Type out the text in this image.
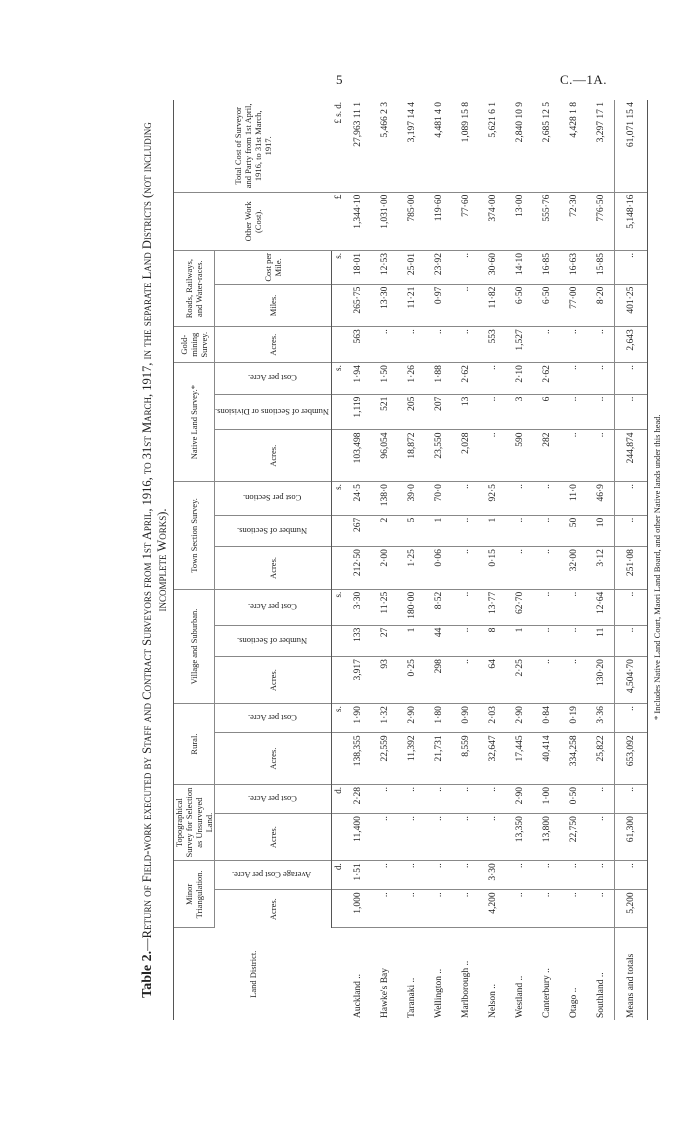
5	C.—1A.

Table 2.—Return of Field-work executed by Staff and Contract Surveyors from 1st April, 1916, to 31st March, 1917, in the separate Land Districts (not including incomplete Works).

Land District.	Minor Triangulation.		Topographical Survey for Selection as Unsurveyed Land.		Rural.		Village and Suburban.			Town Section Survey.			Native Land Survey.*			Gold-mining Survey.	Roads, Railways, and Water-races.		Other Work (Cost).	Total Cost of Surveyor and Party from 1st April, 1916, to 31st March, 1917.
	Acres.	Average Cost per Acre.	Acres.	Cost per Acre.	Acres.	Cost per Acre.	Acres.	Number of Sections.	Cost per Acre.	Acres.	Number of Sections.	Cost per Section.	Acres.	Number of Sections or Divisions.	Cost per Acre.	Acres.	Miles.	Cost per Mile.		
		d.		d.		s.			s.			s.			s.			s.	£	£ s. d.
Auckland ..	1,000	1·51	11,400	2·28	138,355	1·90	3,917	133	3·30	212·50	267	24·5	103,498	1,119	1·94	563	265·75	18·01	1,344·10	27,963 11 1
Hawke's Bay	..	..	..	..	22,559	1·32	93	27	11·25	2·00	2	138·0	96,054	521	1·50	..	13·30	12·53	1,031·00	5,466 2 3
Taranaki ..	..	..	..	..	11,392	2·90	0·25	1	180·00	1·25	5	39·0	18,872	205	1·26	..	11·21	25·01	785·00	3,197 14 4
Wellington ..	..	..	..	..	21,731	1·80	298	44	8·52	0·06	1	70·0	23,550	207	1·88	..	0·97	23·92	119·60	4,481 4 0
Marlborough ..	..	..	..	..	8,559	0·90	..	..	..	..	..	..	2,028	13	2·62	..	..	..	77·60	1,089 15 8
Nelson ..	4,200	3·30	..	..	32,647	2·03	64	8	13·77	0·15	1	92·5	..	..	..	553	11·82	30·60	374·00	5,621 6 1
Westland ..	..	..	13,350	2·90	17,445	2·90	2·25	1	62·70	..	..	..	590	3	2·10	1,527	6·50	14·10	13·00	2,840 10 9
Canterbury ..	..	..	13,800	1·00	40,414	0·84	..	..	..	..	..	..	282	6	2·62	..	6·50	16·85	555·76	2,685 12 5
Otago ..	..	..	22,750	0·50	334,258	0·19	..	..	..	32·00	50	11·0	..	..	..	..	77·00	16·63	72·30	4,428 1 8
Southland ..	..	..	..	..	25,822	3·36	130·20	11	12·64	3·12	10	46·9	..	..	..	..	8·20	15·85	776·50	3,297 17 1
Means and totals	5,200	..	61,300	..	653,092	..	4,504·70	..	..	251·08	..	..	244,874	..	..	2,643	401·25	..	5,148·16	61,071 15 4
* Includes Native Land Court, Maori Land Board, and other Native lands under this head.
